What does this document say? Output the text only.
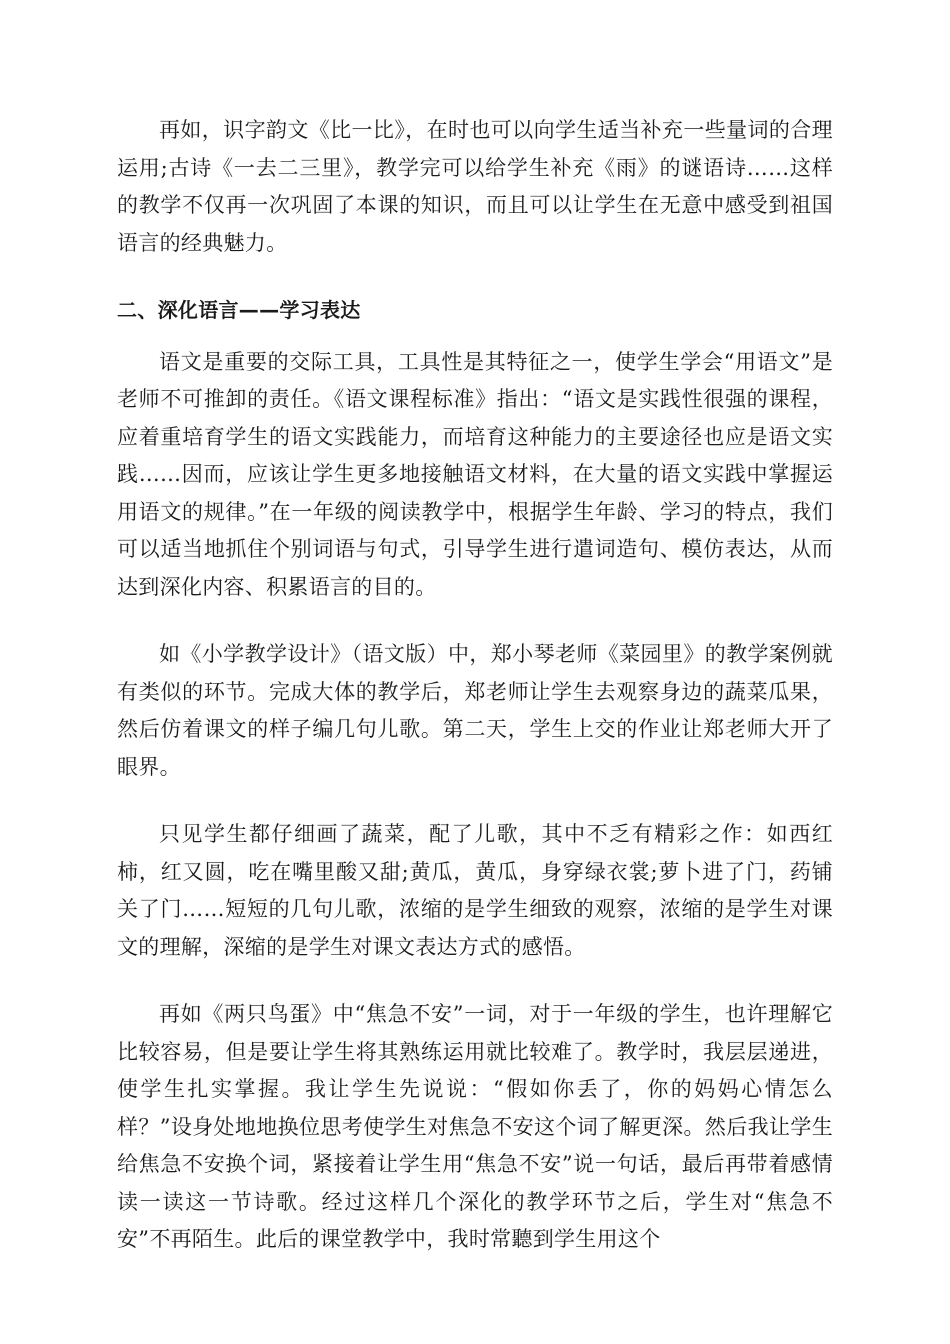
再如，识字韵文《比一比》，在时也可以向学生适当补充一些量词的合理运用;古诗《一去二三里》，教学完可以给学生补充《雨》的谜语诗……这样的教学不仅再一次巩固了本课的知识，而且可以让学生在无意中感受到祖国语言的经典魅力。

二、深化语言——学习表达

语文是重要的交际工具，工具性是其特征之一，使学生学会“用语文”是老师不可推卸的责任。《语文课程标准》指出：“语文是实践性很强的课程，应着重培育学生的语文实践能力，而培育这种能力的主要途径也应是语文实践……因而，应该让学生更多地接触语文材料，在大量的语文实践中掌握运用语文的规律。”在一年级的阅读教学中，根据学生年龄、学习的特点，我们可以适当地抓住个别词语与句式，引导学生进行遣词造句、模仿表达，从而达到深化内容、积累语言的目的。

如《小学教学设计》（语文版）中，郑小琴老师《菜园里》的教学案例就有类似的环节。完成大体的教学后，郑老师让学生去观察身边的蔬菜瓜果，然后仿着课文的样子编几句儿歌。第二天，学生上交的作业让郑老师大开了眼界。

只见学生都仔细画了蔬菜，配了儿歌，其中不乏有精彩之作：如西红柿，红又圆，吃在嘴里酸又甜;黄瓜，黄瓜，身穿绿衣裳;萝卜进了门，药铺关了门……短短的几句儿歌，浓缩的是学生细致的观察，浓缩的是学生对课文的理解，深缩的是学生对课文表达方式的感悟。

再如《两只鸟蛋》中“焦急不安”一词，对于一年级的学生，也许理解它比较容易，但是要让学生将其熟练运用就比较难了。教学时，我层层递进，使学生扎实掌握。我让学生先说说：“假如你丢了，你的妈妈心情怎么样？”设身处地地换位思考使学生对焦急不安这个词了解更深。然后我让学生给焦急不安换个词，紧接着让学生用“焦急不安”说一句话，最后再带着感情读一读这一节诗歌。经过这样几个深化的教学环节之后，学生对“焦急不安”不再陌生。此后的课堂教学中，我时常聽到学生用这个
